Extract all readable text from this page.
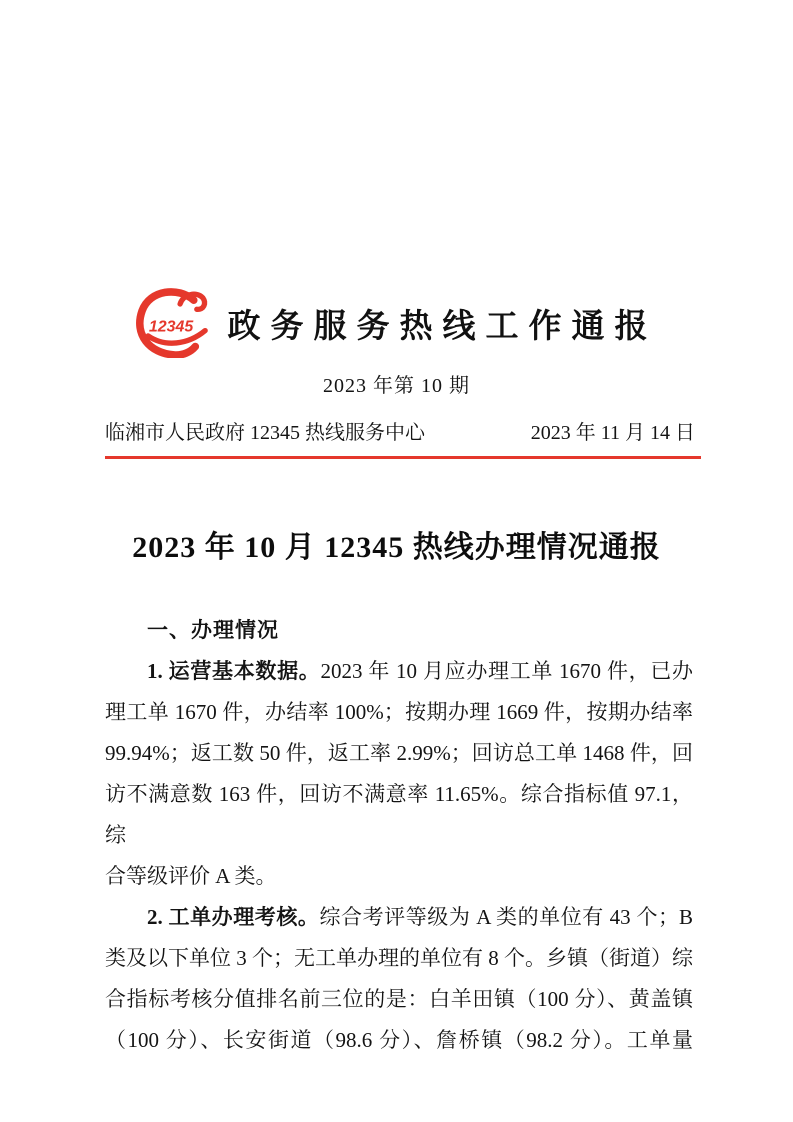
12345 政务服务热线工作通报
2023 年第 10 期
临湘市人民政府 12345 热线服务中心	2023 年 11 月 14 日
2023 年 10 月 12345 热线办理情况通报
一、办理情况
1. 运营基本数据。2023 年 10 月应办理工单 1670 件，已办
理工单 1670 件，办结率 100%；按期办理 1669 件，按期办结率
99.94%；返工数 50 件，返工率 2.99%；回访总工单 1468 件，回
访不满意数 163 件，回访不满意率 11.65%。综合指标值 97.1，综
合等级评价 A 类。
2. 工单办理考核。综合考评等级为 A 类的单位有 43 个；B
类及以下单位 3 个；无工单办理的单位有 8 个。乡镇（街道）综
合指标考核分值排名前三位的是：白羊田镇（100 分）、黄盖镇
（100 分）、长安街道（98.6 分）、詹桥镇（98.2 分）。工单量
